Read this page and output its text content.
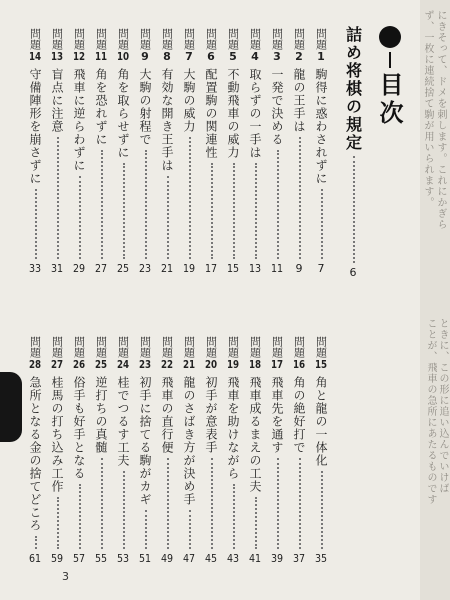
目次
詰め将棋の規定
6
問題
1
駒得に惑わされずに
7
問題
2
龍の王手は
9
問題
3
一発で決める
11
問題
4
取らずの一手は
13
問題
5
不動飛車の威力
15
問題
6
配置駒の関連性
17
問題
7
大駒の威力
19
問題
8
有効な開き王手は
21
問題
9
大駒の射程で
23
問題
10
角を取らせずに
25
問題
11
角を恐れずに
27
問題
12
飛車に逆らわずに
29
問題
13
盲点に注意
31
問題
14
守備陣形を崩さずに
33
問題
15
角と龍の一体化
35
問題
16
角の絶好打で
37
問題
17
飛車先を通す
39
問題
18
飛車成るまえの工夫
41
問題
19
飛車を助けながら
43
問題
20
初手が意表手
45
問題
21
龍のさばき方が決め手
47
問題
22
飛車の直行便
49
問題
23
初手に捨てる駒がカギ
51
問題
24
桂でつるす工夫
53
問題
25
逆打ちの真髄
55
問題
26
俗手も好手となる
57
問題
27
桂馬の打ち込み工作
59
問題
28
急所となる金の捨てどころ
61
3
にきそって、ドメを刺します。これにかぎら
ず、一枚に連続捨て駒が用いられます。
ときに、この形に追い込んでいけば
ことが、飛車の急所にあたるものです
